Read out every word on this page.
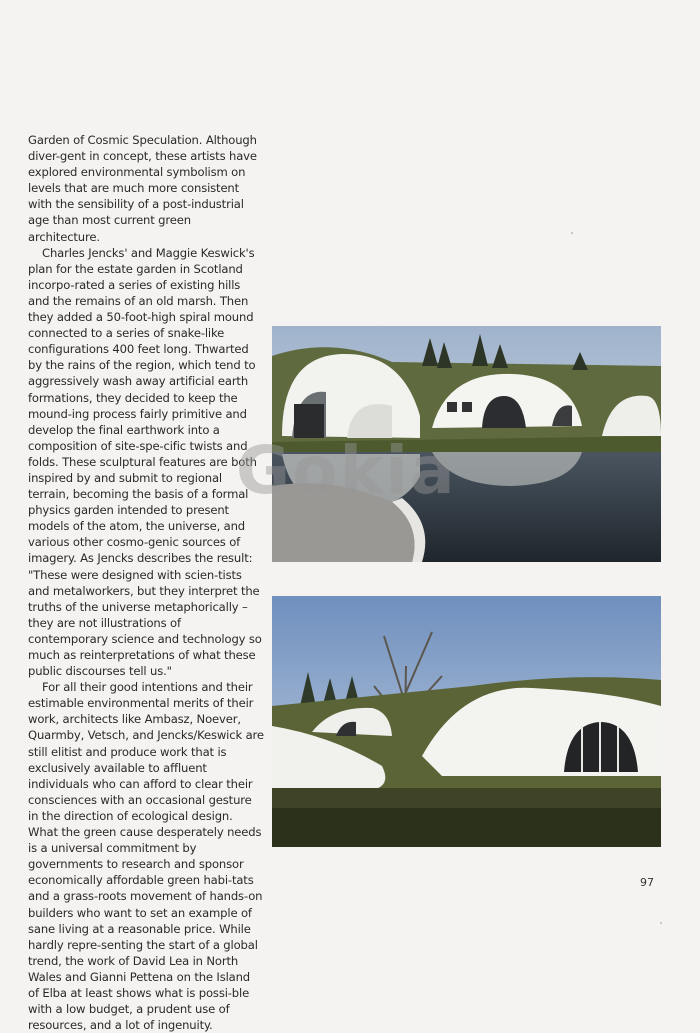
Garden of Cosmic Speculation. Although diver-gent in concept, these artists have explored environmental symbolism on levels that are much more consistent with the sensibility of a post-industrial age than most current green architecture.

Charles Jencks' and Maggie Keswick's plan for the estate garden in Scotland incorpo-rated a series of existing hills and the remains of an old marsh. Then they added a 50-foot-high spiral mound connected to a series of snake-like configurations 400 feet long. Thwarted by the rains of the region, which tend to aggressively wash away artificial earth formations, they decided to keep the mound-ing process fairly primitive and develop the final earthwork into a composition of site-spe-cific twists and folds. These sculptural features are both inspired by and submit to regional terrain, becoming the basis of a formal physics garden intended to present models of the atom, the universe, and various other cosmo-genic sources of imagery. As Jencks describes the result: "These were designed with scien-tists and metalworkers, but they interpret the truths of the universe metaphorically – they are not illustrations of contemporary science and technology so much as reinterpretations of what these public discourses tell us."

For all their good intentions and their estimable environmental merits of their work, architects like Ambasz, Noever, Quarmby, Vetsch, and Jencks/Keswick are still elitist and produce work that is exclusively available to affluent individuals who can afford to clear their consciences with an occasional gesture in the direction of ecological design. What the green cause desperately needs is a universal commitment by governments to research and sponsor economically affordable green habi-tats and a grass-roots movement of hands-on builders who want to set an example of sane living at a reasonable price. While hardly repre-senting the start of a global trend, the work of David Lea in North Wales and Gianni Pettena on the Island of Elba at least shows what is possi-ble with a low budget, a prudent use of resources, and a lot of ingenuity.

Gokia
97
